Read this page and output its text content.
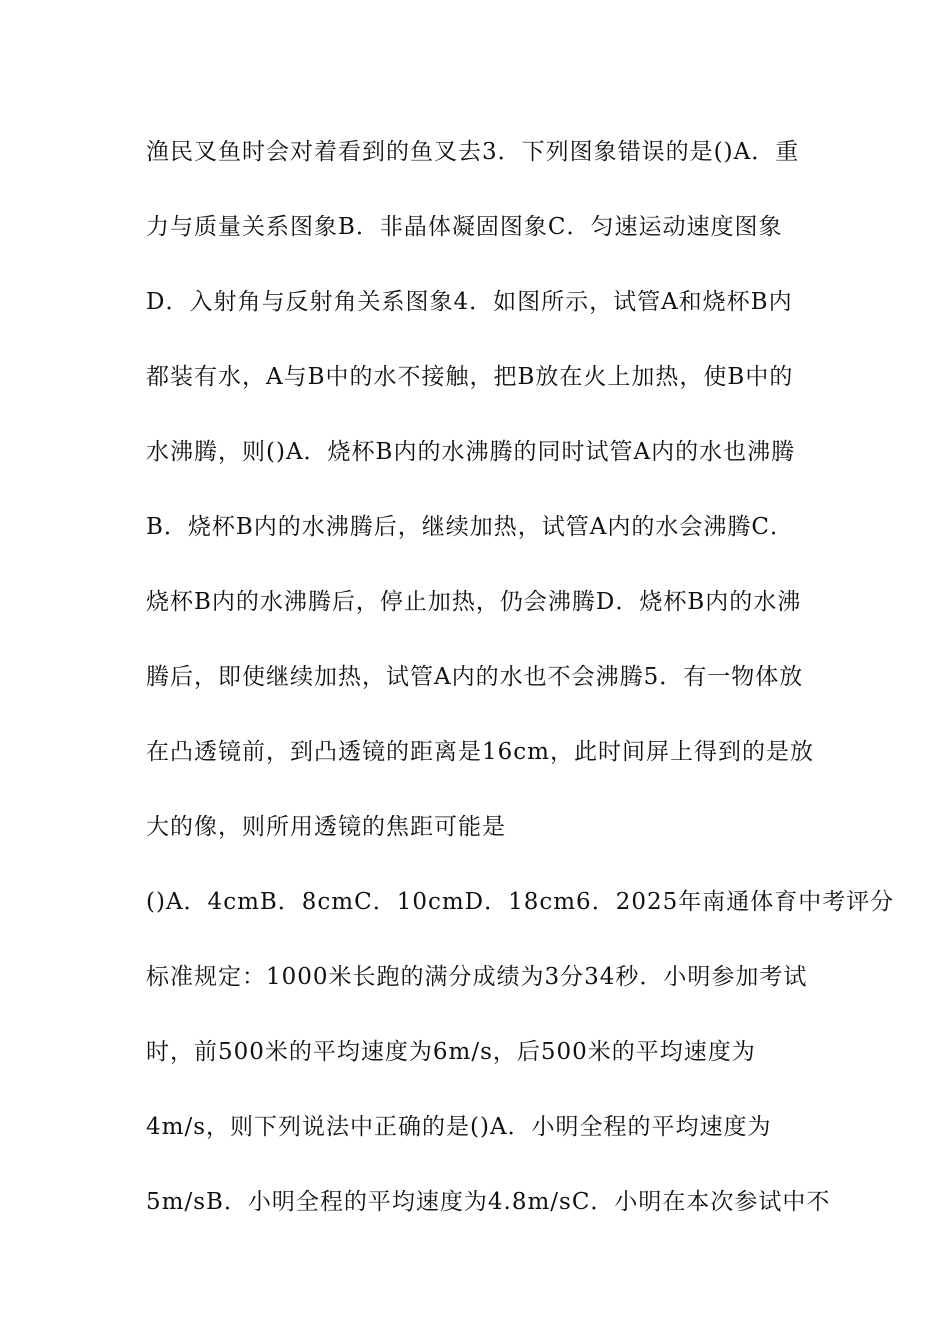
渔民叉鱼时会对着看到的鱼叉去3．下列图象错误的是()A．重
力与质量关系图象B．非晶体凝固图象C．匀速运动速度图象
D．入射角与反射角关系图象4．如图所示，试管A和烧杯B内
都装有水，A与B中的水不接触，把B放在火上加热，使B中的
水沸腾，则()A．烧杯B内的水沸腾的同时试管A内的水也沸腾
B．烧杯B内的水沸腾后，继续加热，试管A内的水会沸腾C．
烧杯B内的水沸腾后，停止加热，仍会沸腾D．烧杯B内的水沸
腾后，即使继续加热，试管A内的水也不会沸腾5．有一物体放
在凸透镜前，到凸透镜的距离是16cm，此时间屏上得到的是放
大的像，则所用透镜的焦距可能是
()A．4cmB．8cmC．10cmD．18cm6．2025年南通体育中考评分
标准规定：1000米长跑的满分成绩为3分34秒．小明参加考试
时，前500米的平均速度为6m/s，后500米的平均速度为
4m/s，则下列说法中正确的是()A．小明全程的平均速度为
5m/sB．小明全程的平均速度为4.8m/sC．小明在本次参试中不
